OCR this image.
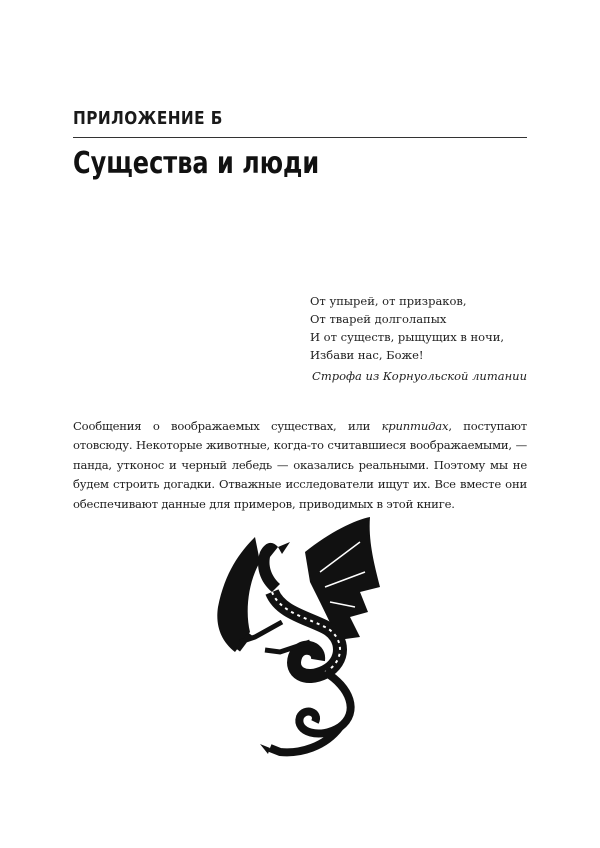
ПРИЛОЖЕНИЕ Б
Существа и люди
От упырей, от призраков,
От тварей долголапых
И от существ, рыщущих в ночи,
Избави нас, Боже!
Строфа из Корнуольской литании

Сообщения о воображаемых существах, или криптидах, поступают отовсюду. Некоторые животные, когда-то считавшиеся воображаемыми, — панда, утконос и черный лебедь — оказались реальными. Поэтому мы не будем строить догадки. Отважные исследователи ищут их. Все вместе они обеспечивают данные для примеров, приводимых в этой книге.
